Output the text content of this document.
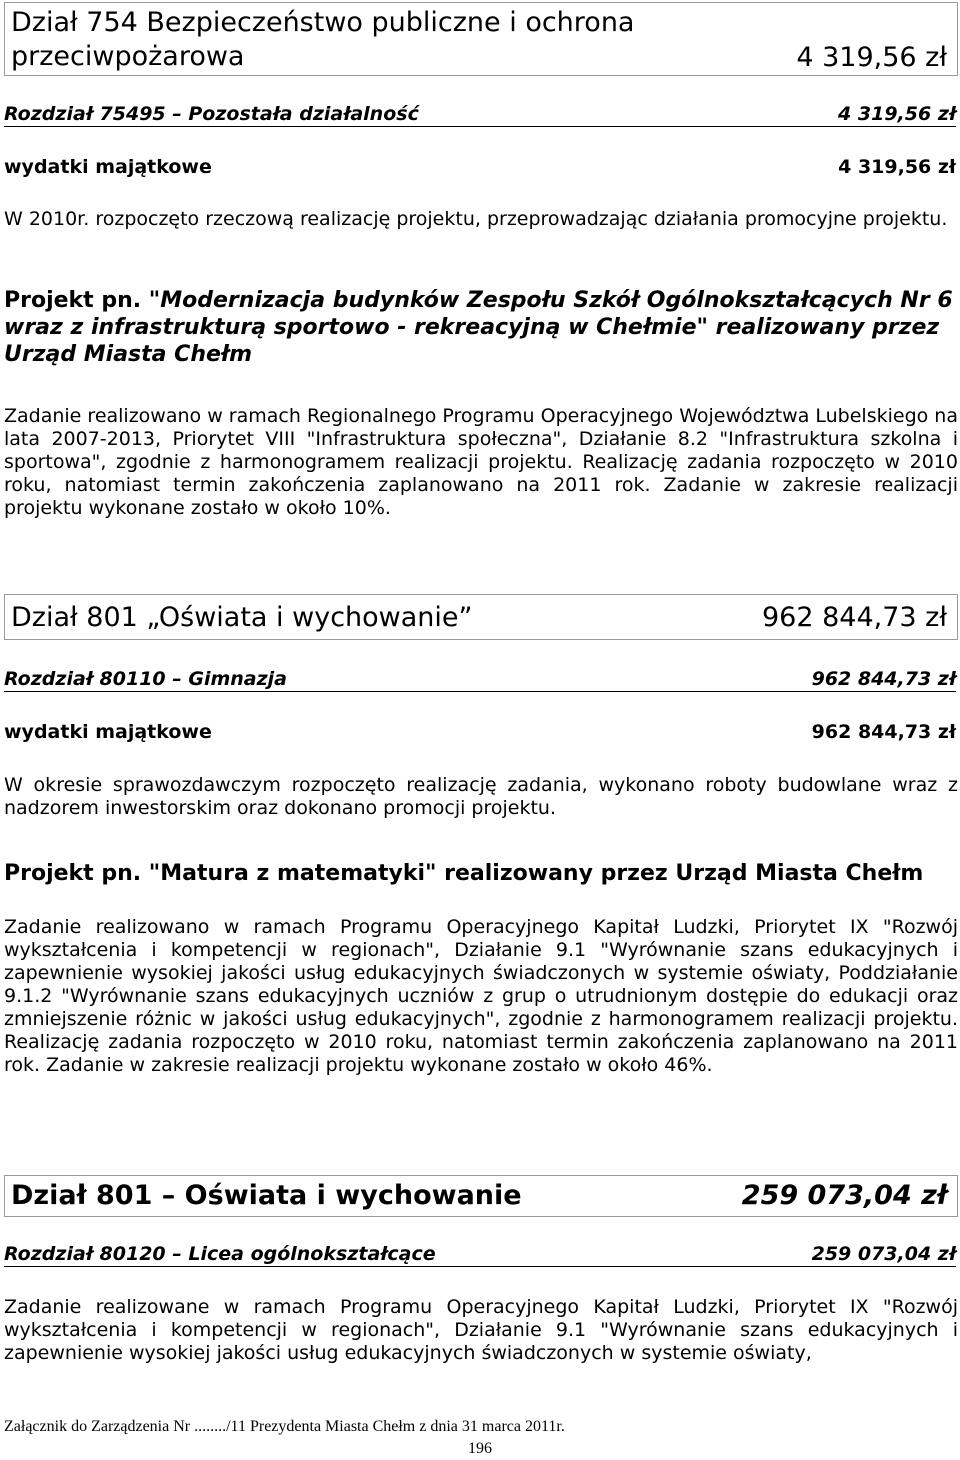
Dział 754 Bezpieczeństwo publiczne i ochrona przeciwpożarowa	4 319,56 zł
Rozdział 75495 – Pozostała działalność	4 319,56 zł
wydatki majątkowe	4 319,56 zł

W 2010r. rozpoczęto rzeczową realizację projektu, przeprowadzając działania promocyjne projektu.

Projekt pn. "Modernizacja budynków Zespołu Szkół Ogólnokształcących Nr 6 wraz z infrastrukturą sportowo - rekreacyjną w Chełmie" realizowany przez Urząd Miasta Chełm

Zadanie realizowano w ramach Regionalnego Programu Operacyjnego Województwa Lubelskiego na lata 2007-2013, Priorytet VIII "Infrastruktura społeczna", Działanie 8.2 "Infrastruktura szkolna i sportowa", zgodnie z harmonogramem realizacji projektu. Realizację zadania rozpoczęto w 2010 roku, natomiast termin zakończenia zaplanowano na 2011 rok. Zadanie w zakresie realizacji projektu wykonane zostało w około 10%.

Dział 801 „Oświata i wychowanie”	962 844,73 zł
Rozdział 80110 – Gimnazja	962 844,73 zł
wydatki majątkowe	962 844,73 zł

W okresie sprawozdawczym rozpoczęto realizację zadania, wykonano roboty budowlane wraz z nadzorem inwestorskim oraz dokonano promocji projektu.

Projekt pn. "Matura z matematyki" realizowany przez Urząd Miasta Chełm

Zadanie realizowano w ramach Programu Operacyjnego Kapitał Ludzki, Priorytet IX "Rozwój wykształcenia i kompetencji w regionach", Działanie 9.1 "Wyrównanie szans edukacyjnych i zapewnienie wysokiej jakości usług edukacyjnych świadczonych w systemie oświaty, Poddziałanie 9.1.2 "Wyrównanie szans edukacyjnych uczniów z grup o utrudnionym dostępie do edukacji oraz zmniejszenie różnic w jakości usług edukacyjnych", zgodnie z harmonogramem realizacji projektu. Realizację zadania rozpoczęto w 2010 roku, natomiast termin zakończenia zaplanowano na 2011 rok. Zadanie w zakresie realizacji projektu wykonane zostało w około 46%.

Dział 801 – Oświata i wychowanie	259 073,04 zł
Rozdział 80120 – Licea ogólnokształcące	259 073,04 zł

Zadanie realizowane w ramach Programu Operacyjnego Kapitał Ludzki, Priorytet IX "Rozwój wykształcenia i kompetencji w regionach", Działanie 9.1 "Wyrównanie szans edukacyjnych i zapewnienie wysokiej jakości usług edukacyjnych świadczonych w systemie oświaty,

Załącznik do Zarządzenia Nr ......../11 Prezydenta Miasta Chełm z dnia 31 marca 2011r.
196
